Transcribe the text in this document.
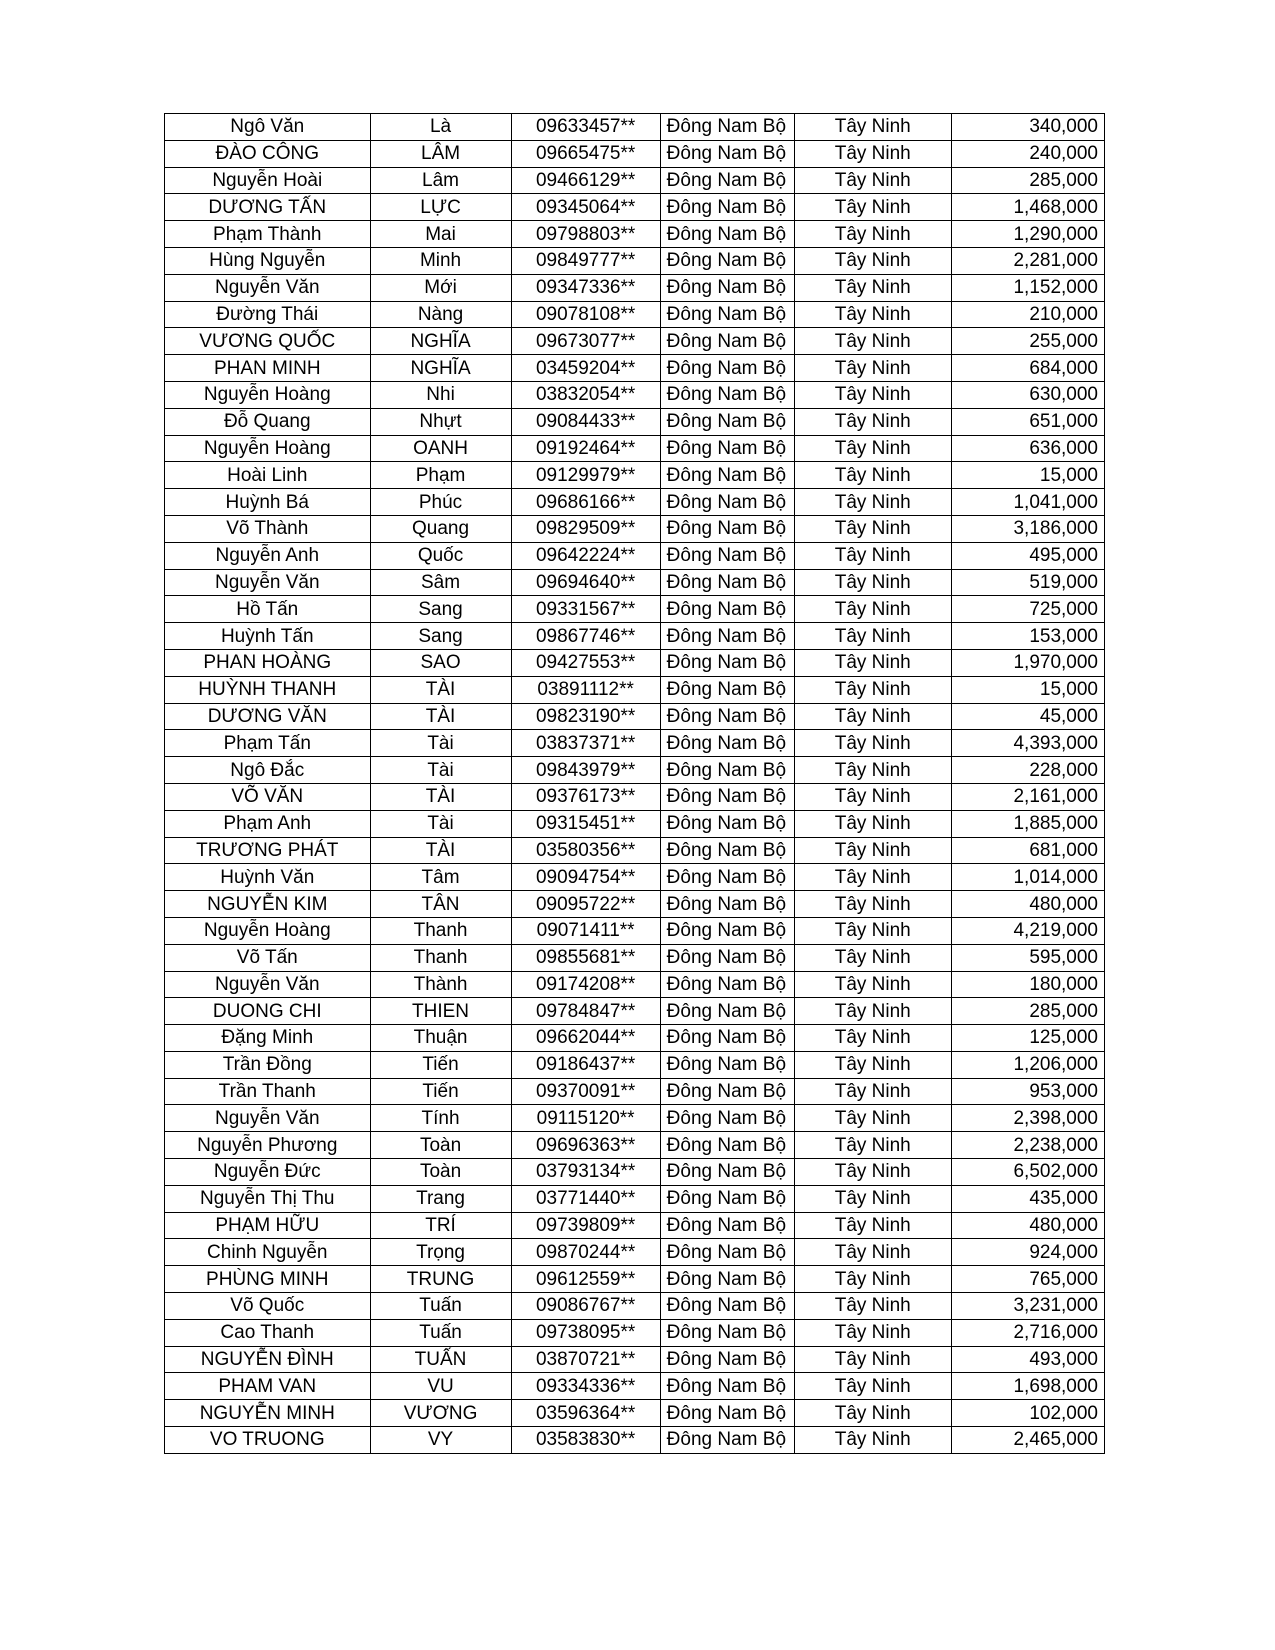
Ngô Văn	Là	09633457**	Đông Nam Bộ	Tây Ninh	340,000
ĐÀO CÔNG	LÂM	09665475**	Đông Nam Bộ	Tây Ninh	240,000
Nguyễn Hoài	Lâm	09466129**	Đông Nam Bộ	Tây Ninh	285,000
DƯƠNG TẤN	LỰC	09345064**	Đông Nam Bộ	Tây Ninh	1,468,000
Phạm Thành	Mai	09798803**	Đông Nam Bộ	Tây Ninh	1,290,000
Hùng Nguyễn	Minh	09849777**	Đông Nam Bộ	Tây Ninh	2,281,000
Nguyễn Văn	Mới	09347336**	Đông Nam Bộ	Tây Ninh	1,152,000
Đường Thái	Nàng	09078108**	Đông Nam Bộ	Tây Ninh	210,000
VƯƠNG QUỐC	NGHĨA	09673077**	Đông Nam Bộ	Tây Ninh	255,000
PHAN MINH	NGHĨA	03459204**	Đông Nam Bộ	Tây Ninh	684,000
Nguyễn Hoàng	Nhi	03832054**	Đông Nam Bộ	Tây Ninh	630,000
Đỗ Quang	Nhựt	09084433**	Đông Nam Bộ	Tây Ninh	651,000
Nguyễn Hoàng	OANH	09192464**	Đông Nam Bộ	Tây Ninh	636,000
Hoài Linh	Phạm	09129979**	Đông Nam Bộ	Tây Ninh	15,000
Huỳnh Bá	Phúc	09686166**	Đông Nam Bộ	Tây Ninh	1,041,000
Võ Thành	Quang	09829509**	Đông Nam Bộ	Tây Ninh	3,186,000
Nguyễn Anh	Quốc	09642224**	Đông Nam Bộ	Tây Ninh	495,000
Nguyễn Văn	Sâm	09694640**	Đông Nam Bộ	Tây Ninh	519,000
Hồ Tấn	Sang	09331567**	Đông Nam Bộ	Tây Ninh	725,000
Huỳnh Tấn	Sang	09867746**	Đông Nam Bộ	Tây Ninh	153,000
PHAN HOÀNG	SAO	09427553**	Đông Nam Bộ	Tây Ninh	1,970,000
HUỲNH THANH	TÀI	03891112**	Đông Nam Bộ	Tây Ninh	15,000
DƯƠNG VĂN	TÀI	09823190**	Đông Nam Bộ	Tây Ninh	45,000
Phạm Tấn	Tài	03837371**	Đông Nam Bộ	Tây Ninh	4,393,000
Ngô Đắc	Tài	09843979**	Đông Nam Bộ	Tây Ninh	228,000
VÕ VĂN	TÀI	09376173**	Đông Nam Bộ	Tây Ninh	2,161,000
Phạm Anh	Tài	09315451**	Đông Nam Bộ	Tây Ninh	1,885,000
TRƯƠNG PHÁT	TÀI	03580356**	Đông Nam Bộ	Tây Ninh	681,000
Huỳnh Văn	Tâm	09094754**	Đông Nam Bộ	Tây Ninh	1,014,000
NGUYỄN KIM	TÂN	09095722**	Đông Nam Bộ	Tây Ninh	480,000
Nguyễn Hoàng	Thanh	09071411**	Đông Nam Bộ	Tây Ninh	4,219,000
Võ Tấn	Thanh	09855681**	Đông Nam Bộ	Tây Ninh	595,000
Nguyễn Văn	Thành	09174208**	Đông Nam Bộ	Tây Ninh	180,000
DUONG CHI	THIEN	09784847**	Đông Nam Bộ	Tây Ninh	285,000
Đặng Minh	Thuận	09662044**	Đông Nam Bộ	Tây Ninh	125,000
Trần Đồng	Tiến	09186437**	Đông Nam Bộ	Tây Ninh	1,206,000
Trần Thanh	Tiến	09370091**	Đông Nam Bộ	Tây Ninh	953,000
Nguyễn Văn	Tính	09115120**	Đông Nam Bộ	Tây Ninh	2,398,000
Nguyễn Phương	Toàn	09696363**	Đông Nam Bộ	Tây Ninh	2,238,000
Nguyễn Đức	Toàn	03793134**	Đông Nam Bộ	Tây Ninh	6,502,000
Nguyễn Thị Thu	Trang	03771440**	Đông Nam Bộ	Tây Ninh	435,000
PHẠM HỮU	TRÍ	09739809**	Đông Nam Bộ	Tây Ninh	480,000
Chinh Nguyễn	Trọng	09870244**	Đông Nam Bộ	Tây Ninh	924,000
PHÙNG MINH	TRUNG	09612559**	Đông Nam Bộ	Tây Ninh	765,000
Võ Quốc	Tuấn	09086767**	Đông Nam Bộ	Tây Ninh	3,231,000
Cao Thanh	Tuấn	09738095**	Đông Nam Bộ	Tây Ninh	2,716,000
NGUYỄN ĐÌNH	TUẤN	03870721**	Đông Nam Bộ	Tây Ninh	493,000
PHAM VAN	VU	09334336**	Đông Nam Bộ	Tây Ninh	1,698,000
NGUYỄN MINH	VƯƠNG	03596364**	Đông Nam Bộ	Tây Ninh	102,000
VO TRUONG	VY	03583830**	Đông Nam Bộ	Tây Ninh	2,465,000
